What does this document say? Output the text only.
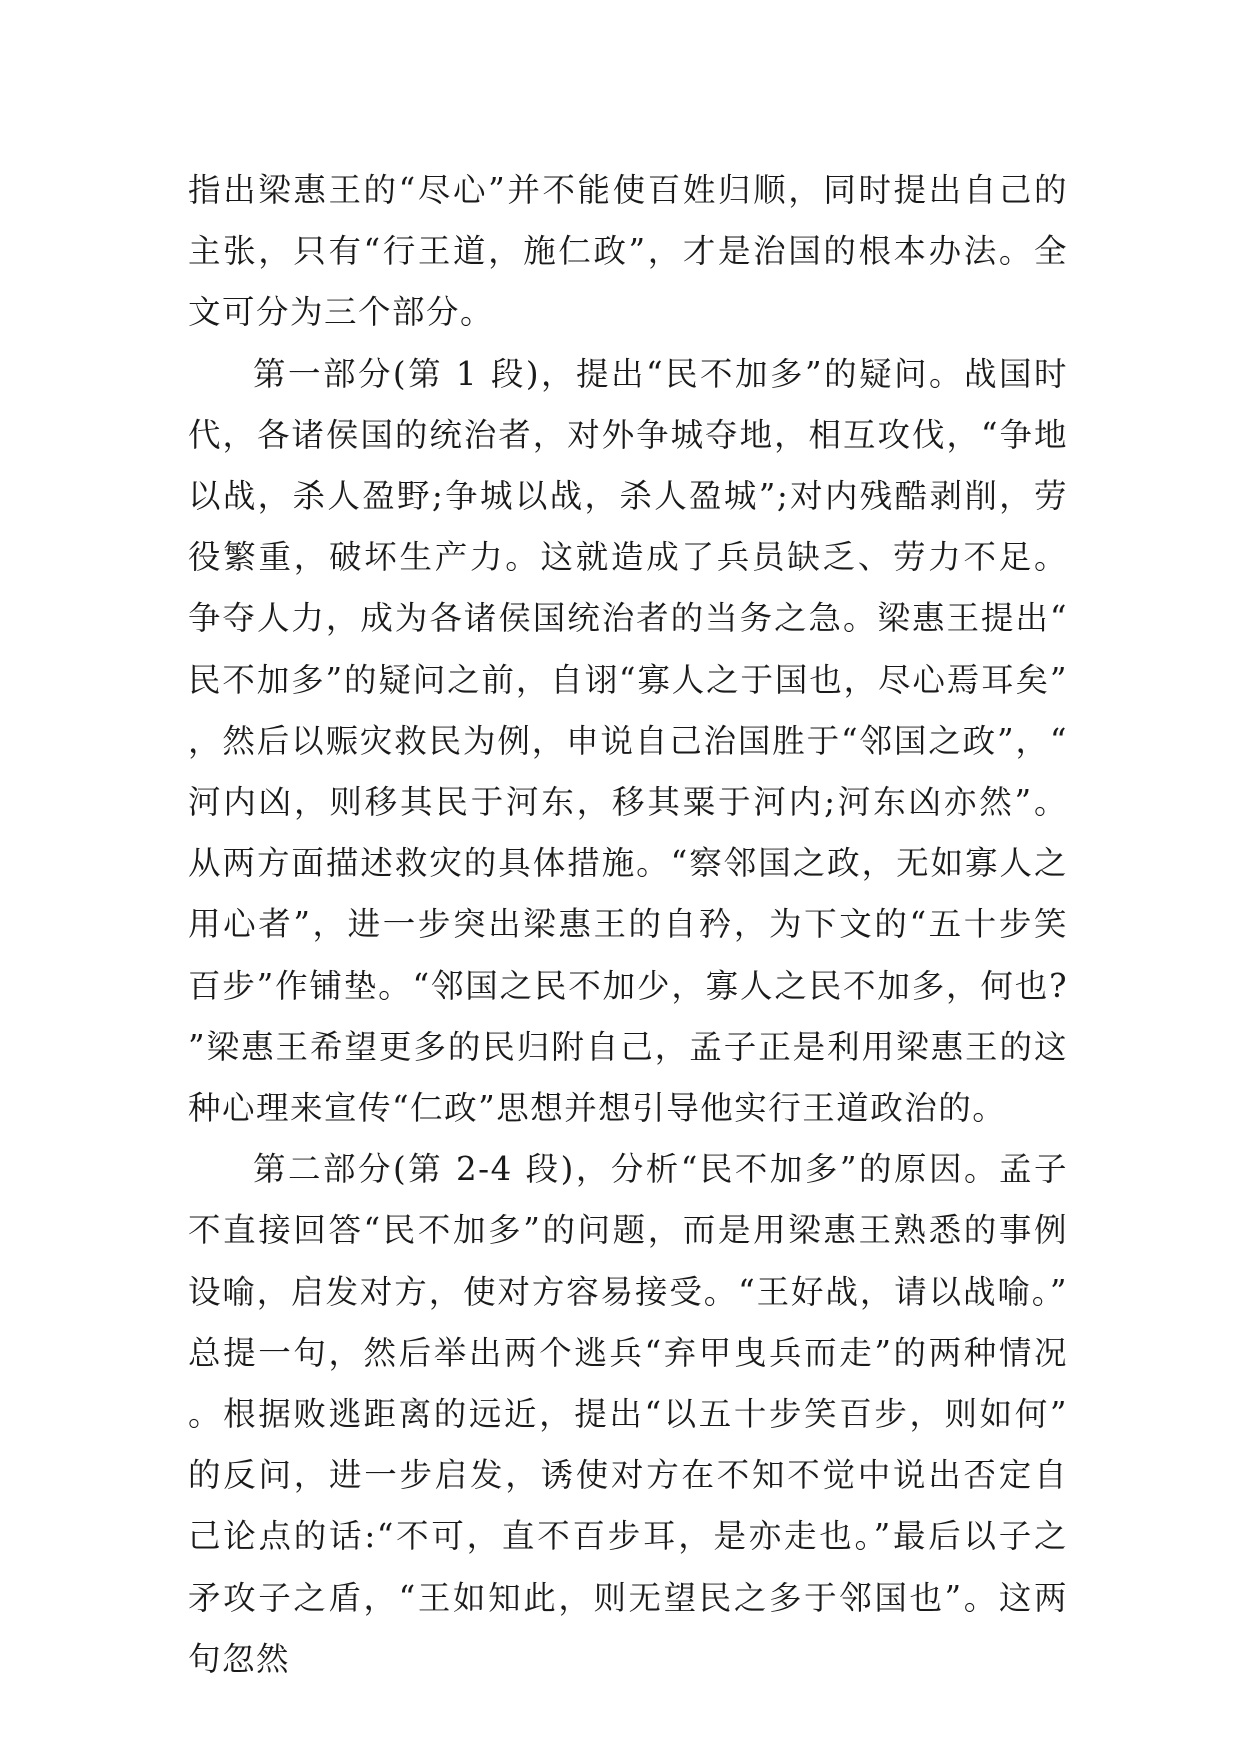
指出梁惠王的“尽心”并不能使百姓归顺，同时提出自己的主张，只有“行王道，施仁政”，才是治国的根本办法。全文可分为三个部分。

第一部分(第 1 段)，提出“民不加多”的疑问。战国时代，各诸侯国的统治者，对外争城夺地，相互攻伐，“争地以战，杀人盈野;争城以战，杀人盈城”;对内残酷剥削，劳役繁重，破坏生产力。这就造成了兵员缺乏、劳力不足。争夺人力，成为各诸侯国统治者的当务之急。梁惠王提出“民不加多”的疑问之前，自诩“寡人之于国也，尽心焉耳矣”，然后以赈灾救民为例，申说自己治国胜于“邻国之政”，“河内凶，则移其民于河东，移其粟于河内;河东凶亦然”。从两方面描述救灾的具体措施。“察邻国之政，无如寡人之用心者”，进一步突出梁惠王的自矜，为下文的“五十步笑百步”作铺垫。“邻国之民不加少，寡人之民不加多，何也?”梁惠王希望更多的民归附自己，孟子正是利用梁惠王的这种心理来宣传“仁政”思想并想引导他实行王道政治的。

第二部分(第 2-4 段)，分析“民不加多”的原因。孟子不直接回答“民不加多”的问题，而是用梁惠王熟悉的事例设喻，启发对方，使对方容易接受。“王好战，请以战喻。”总提一句，然后举出两个逃兵“弃甲曳兵而走”的两种情况。根据败逃距离的远近，提出“以五十步笑百步，则如何”的反问，进一步启发，诱使对方在不知不觉中说出否定自己论点的话:“不可，直不百步耳，是亦走也。”最后以子之矛攻子之盾，“王如知此，则无望民之多于邻国也”。这两句忽然
